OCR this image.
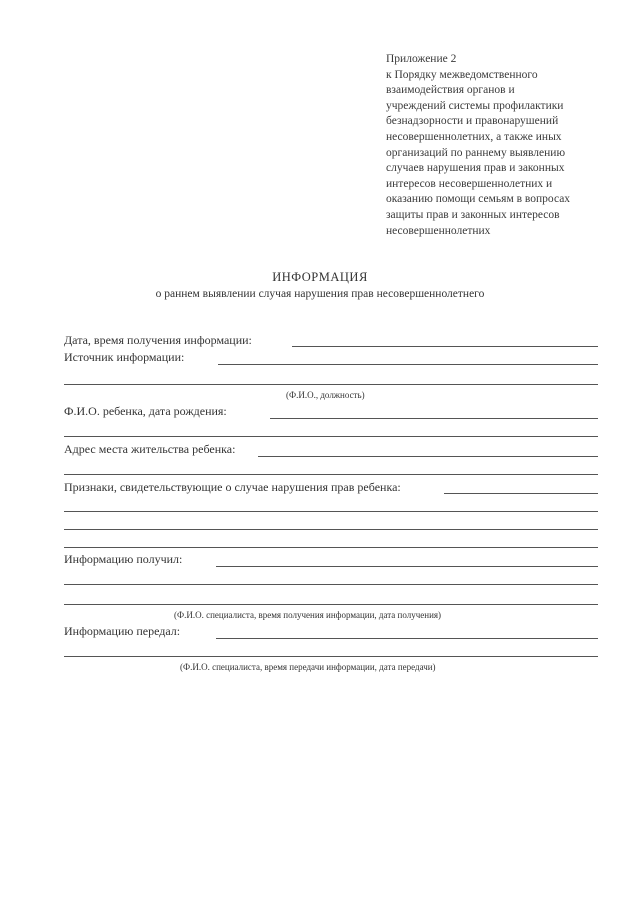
Приложение 2
к Порядку межведомственного
взаимодействия органов и
учреждений системы профилактики
безнадзорности и правонарушений
несовершеннолетних, а также иных
организаций по раннему выявлению
случаев нарушения прав и законных
интересов несовершеннолетних и
оказанию помощи семьям в вопросах
защиты прав и законных интересов
несовершеннолетних
ИНФОРМАЦИЯ
о раннем выявлении случая нарушения прав несовершеннолетнего
Дата, время получения информации:
Источник информации:
(Ф.И.О., должность)
Ф.И.О. ребенка, дата рождения:
Адрес места жительства ребенка:
Признаки, свидетельствующие о случае нарушения прав ребенка:
Информацию получил:
(Ф.И.О. специалиста, время получения информации, дата получения)
Информацию передал:
(Ф.И.О. специалиста, время передачи информации, дата передачи)
